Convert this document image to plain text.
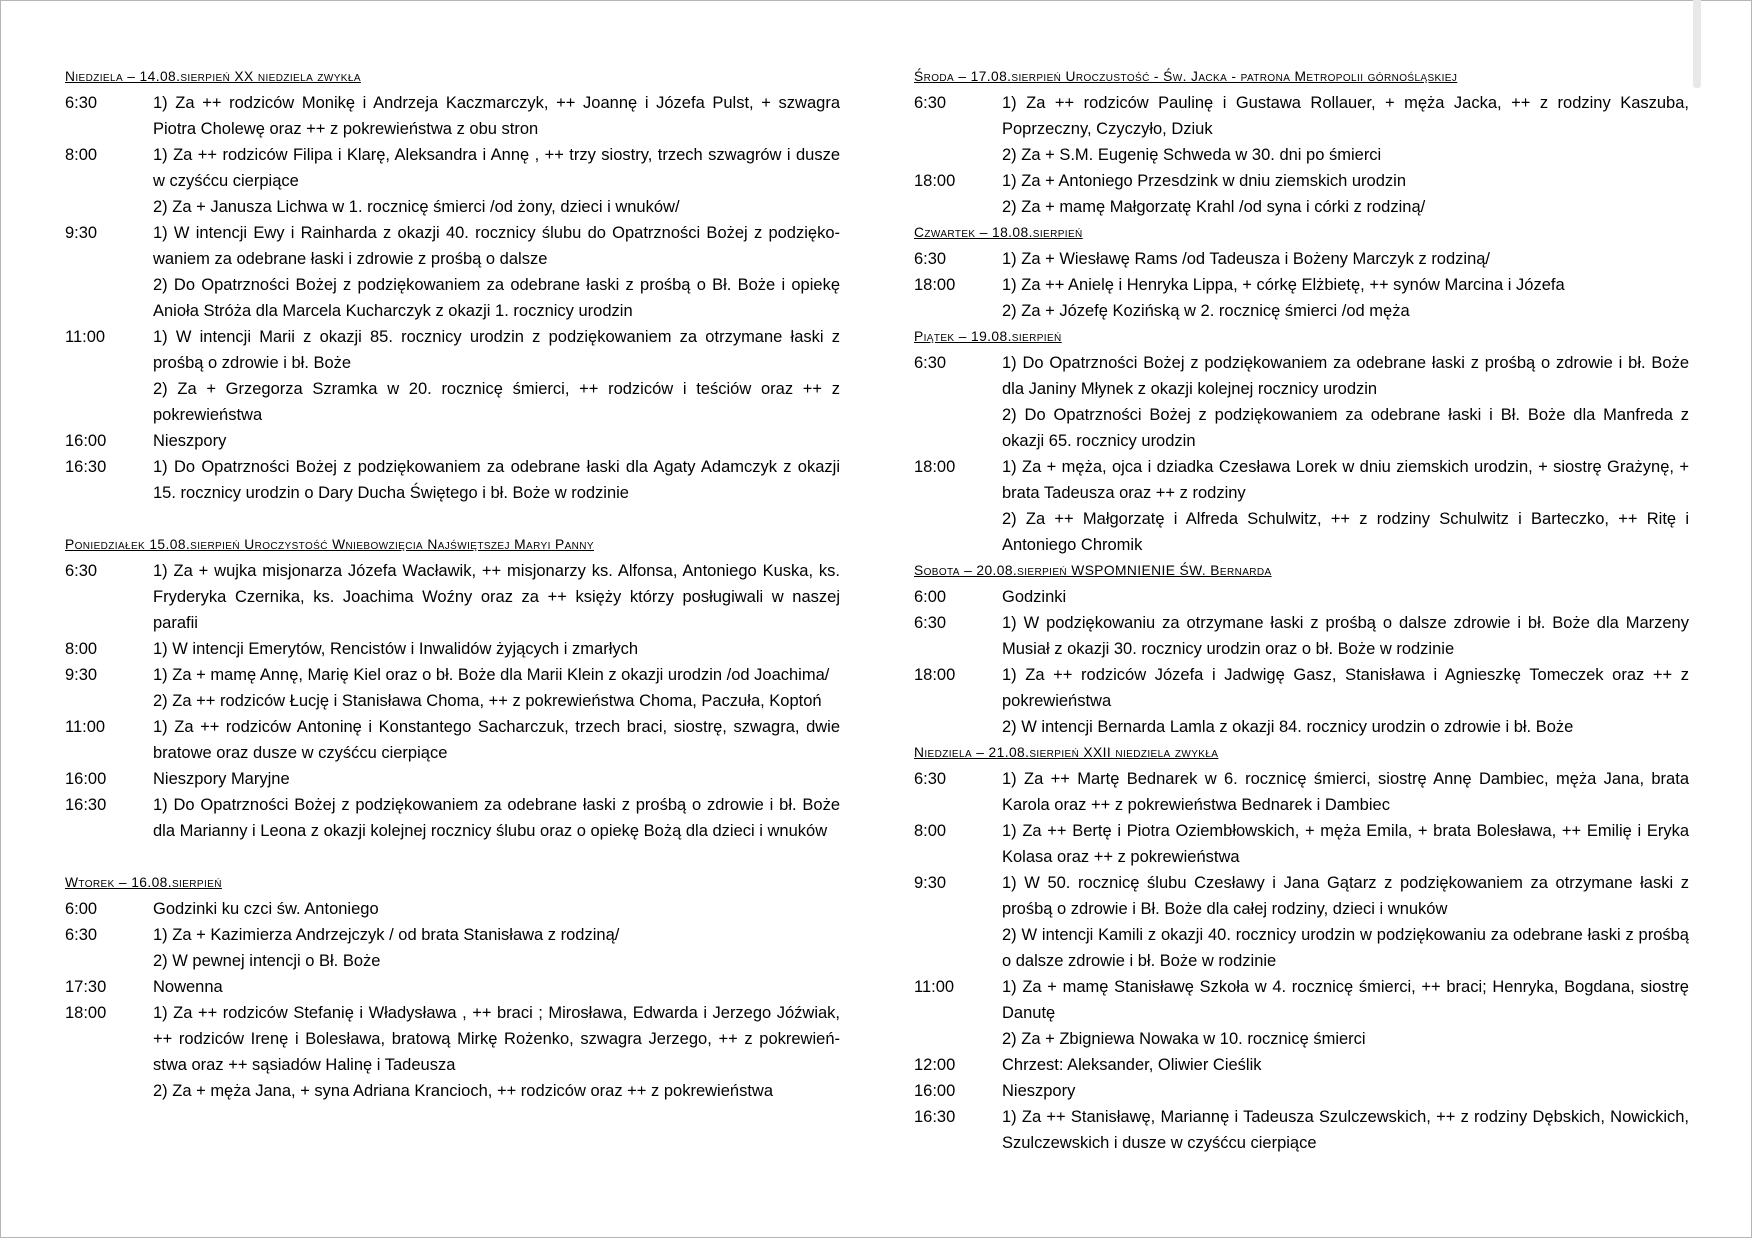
Niedziela – 14.08.sierpień XX niedziela zwykła
6:30	1) Za ++ rodziców Monikę i Andrzeja Kaczmarczyk, ++ Joannę i Józefa Pulst, + szwagra Piotra Cholewę oraz ++ z pokrewieństwa z obu stron
8:00	1) Za ++ rodziców Filipa i Klarę, Aleksandra i Annę , ++ trzy siostry, trzech szwagrów i dusze w czyśćcu cierpiące
2) Za + Janusza Lichwa w 1. rocznicę śmierci /od żony, dzieci i wnuków/
9:30	1) W intencji Ewy i Rainharda z okazji 40. rocznicy ślubu do Opatrzności Bożej z podzięko-waniem za odebrane łaski i zdrowie z prośbą o dalsze
2) Do Opatrzności Bożej z podziękowaniem za odebrane łaski z prośbą o Bł. Boże i opiekę Anioła Stróża dla Marcela Kucharczyk z okazji 1. rocznicy urodzin
11:00	1) W intencji Marii z okazji 85. rocznicy urodzin z podziękowaniem za otrzymane łaski z prośbą o zdrowie i bł. Boże
2) Za + Grzegorza Szramka w 20. rocznicę śmierci, ++ rodziców i teściów oraz ++ z pokrewieństwa
16:00	Nieszpory
16:30	1) Do Opatrzności Bożej z podziękowaniem za odebrane łaski dla Agaty Adamczyk z okazji 15. rocznicy urodzin o Dary Ducha Świętego i bł. Boże w rodzinie
Poniedziałek 15.08.sierpień Uroczystość Wniebowzięcia Najświętszej Maryi Panny
6:30	1) Za + wujka misjonarza Józefa Wacławik, ++ misjonarzy ks. Alfonsa, Antoniego Kuska, ks. Fryderyka Czernika, ks. Joachima Woźny oraz za ++ księży którzy posługiwali w naszej parafii
8:00	1) W intencji Emerytów, Rencistów i Inwalidów żyjących i zmarłych
9:30	1) Za + mamę Annę, Marię Kiel oraz o bł. Boże dla Marii Klein z okazji urodzin /od Joachima/
2) Za ++ rodziców Łucję i Stanisława Choma, ++ z pokrewieństwa Choma, Paczuła, Koptoń
11:00	1) Za ++ rodziców Antoninę i Konstantego Sacharczuk, trzech braci, siostrę, szwagra, dwie bratowe oraz dusze w czyśćcu cierpiące
16:00	Nieszpory Maryjne
16:30	1) Do Opatrzności Bożej z podziękowaniem za odebrane łaski z prośbą o zdrowie i bł. Boże dla Marianny i Leona z okazji kolejnej rocznicy ślubu oraz o opiekę Bożą dla dzieci i wnuków
Wtorek – 16.08.sierpień
6:00	Godzinki ku czci św. Antoniego
6:30	1) Za + Kazimierza Andrzejczyk / od brata Stanisława z rodziną/
2) W pewnej intencji o Bł. Boże
17:30	Nowenna
18:00	1) Za ++ rodziców Stefanię i Władysława , ++ braci ; Mirosława, Edwarda i Jerzego Jóźwiak, ++ rodziców Irenę i Bolesława, bratową Mirkę Rożenko, szwagra Jerzego, ++ z pokrewień-stwa oraz ++ sąsiadów Halinę i Tadeusza
2) Za + męża Jana, + syna Adriana Krancioch, ++ rodziców oraz ++ z pokrewieństwa
Środa – 17.08.sierpień Uroczustość - Św. Jacka - patrona Metropolii górnośląskiej
6:30	1) Za ++ rodziców Paulinę i Gustawa Rollauer, + męża Jacka, ++ z rodziny Kaszuba, Poprzeczny, Czyczyło, Dziuk
2) Za + S.M. Eugenię Schweda w 30. dni po śmierci
18:00	1) Za + Antoniego Przesdzink w dniu ziemskich urodzin
2) Za + mamę Małgorzatę Krahl /od syna i córki z rodziną/
Czwartek – 18.08.sierpień
6:30	1) Za + Wiesławę Rams /od Tadeusza i Bożeny Marczyk z rodziną/
18:00	1) Za ++ Anielę i Henryka Lippa, + córkę Elżbietę, ++ synów Marcina i Józefa
2) Za + Józefę Kozińską w 2. rocznicę śmierci /od męża
Piątek – 19.08.sierpień
6:30	1) Do Opatrzności Bożej z podziękowaniem za odebrane łaski z prośbą o zdrowie i bł. Boże dla Janiny Młynek z okazji kolejnej rocznicy urodzin
2) Do Opatrzności Bożej z podziękowaniem za odebrane łaski i Bł. Boże dla Manfreda z okazji 65. rocznicy urodzin
18:00	1) Za + męża, ojca i dziadka Czesława Lorek w dniu ziemskich urodzin, + siostrę Grażynę, + brata Tadeusza oraz ++ z rodziny
2) Za ++ Małgorzatę i Alfreda Schulwitz, ++ z rodziny Schulwitz i Barteczko, ++ Ritę i Antoniego Chromik
Sobota – 20.08.sierpień WSPOMNIENIE ŚW. Bernarda
6:00	Godzinki
6:30	1) W podziękowaniu za otrzymane łaski z prośbą o dalsze zdrowie i bł. Boże dla Marzeny Musiał z okazji 30. rocznicy urodzin oraz o bł. Boże w rodzinie
18:00	1) Za ++ rodziców Józefa i Jadwigę Gasz, Stanisława i Agnieszkę Tomeczek oraz ++ z pokrewieństwa
2) W intencji Bernarda Lamla z okazji 84. rocznicy urodzin o zdrowie i bł. Boże
Niedziela – 21.08.sierpień XXII niedziela zwykła
6:30	1) Za ++ Martę Bednarek w 6. rocznicę śmierci, siostrę Annę Dambiec, męża Jana, brata Karola oraz ++ z pokrewieństwa Bednarek i Dambiec
8:00	1) Za ++ Bertę i Piotra Oziembłowskich, + męża Emila, + brata Bolesława, ++ Emilię i Eryka Kolasa oraz ++ z pokrewieństwa
9:30	1) W 50. rocznicę ślubu Czesławy i Jana Gątarz z podziękowaniem za otrzymane łaski z prośbą o zdrowie i Bł. Boże dla całej rodziny, dzieci i wnuków
2) W intencji Kamili z okazji 40. rocznicy urodzin w podziękowaniu za odebrane łaski z prośbą o dalsze zdrowie i bł. Boże w rodzinie
11:00	1) Za + mamę Stanisławę Szkoła w 4. rocznicę śmierci, ++ braci; Henryka, Bogdana, siostrę Danutę
2) Za + Zbigniewa Nowaka w 10. rocznicę śmierci
12:00	Chrzest: Aleksander, Oliwier Cieślik
16:00	Nieszpory
16:30	1) Za ++ Stanisławę, Mariannę i Tadeusza Szulczewskich, ++ z rodziny Dębskich, Nowickich, Szulczewskich i dusze w czyśćcu cierpiące
